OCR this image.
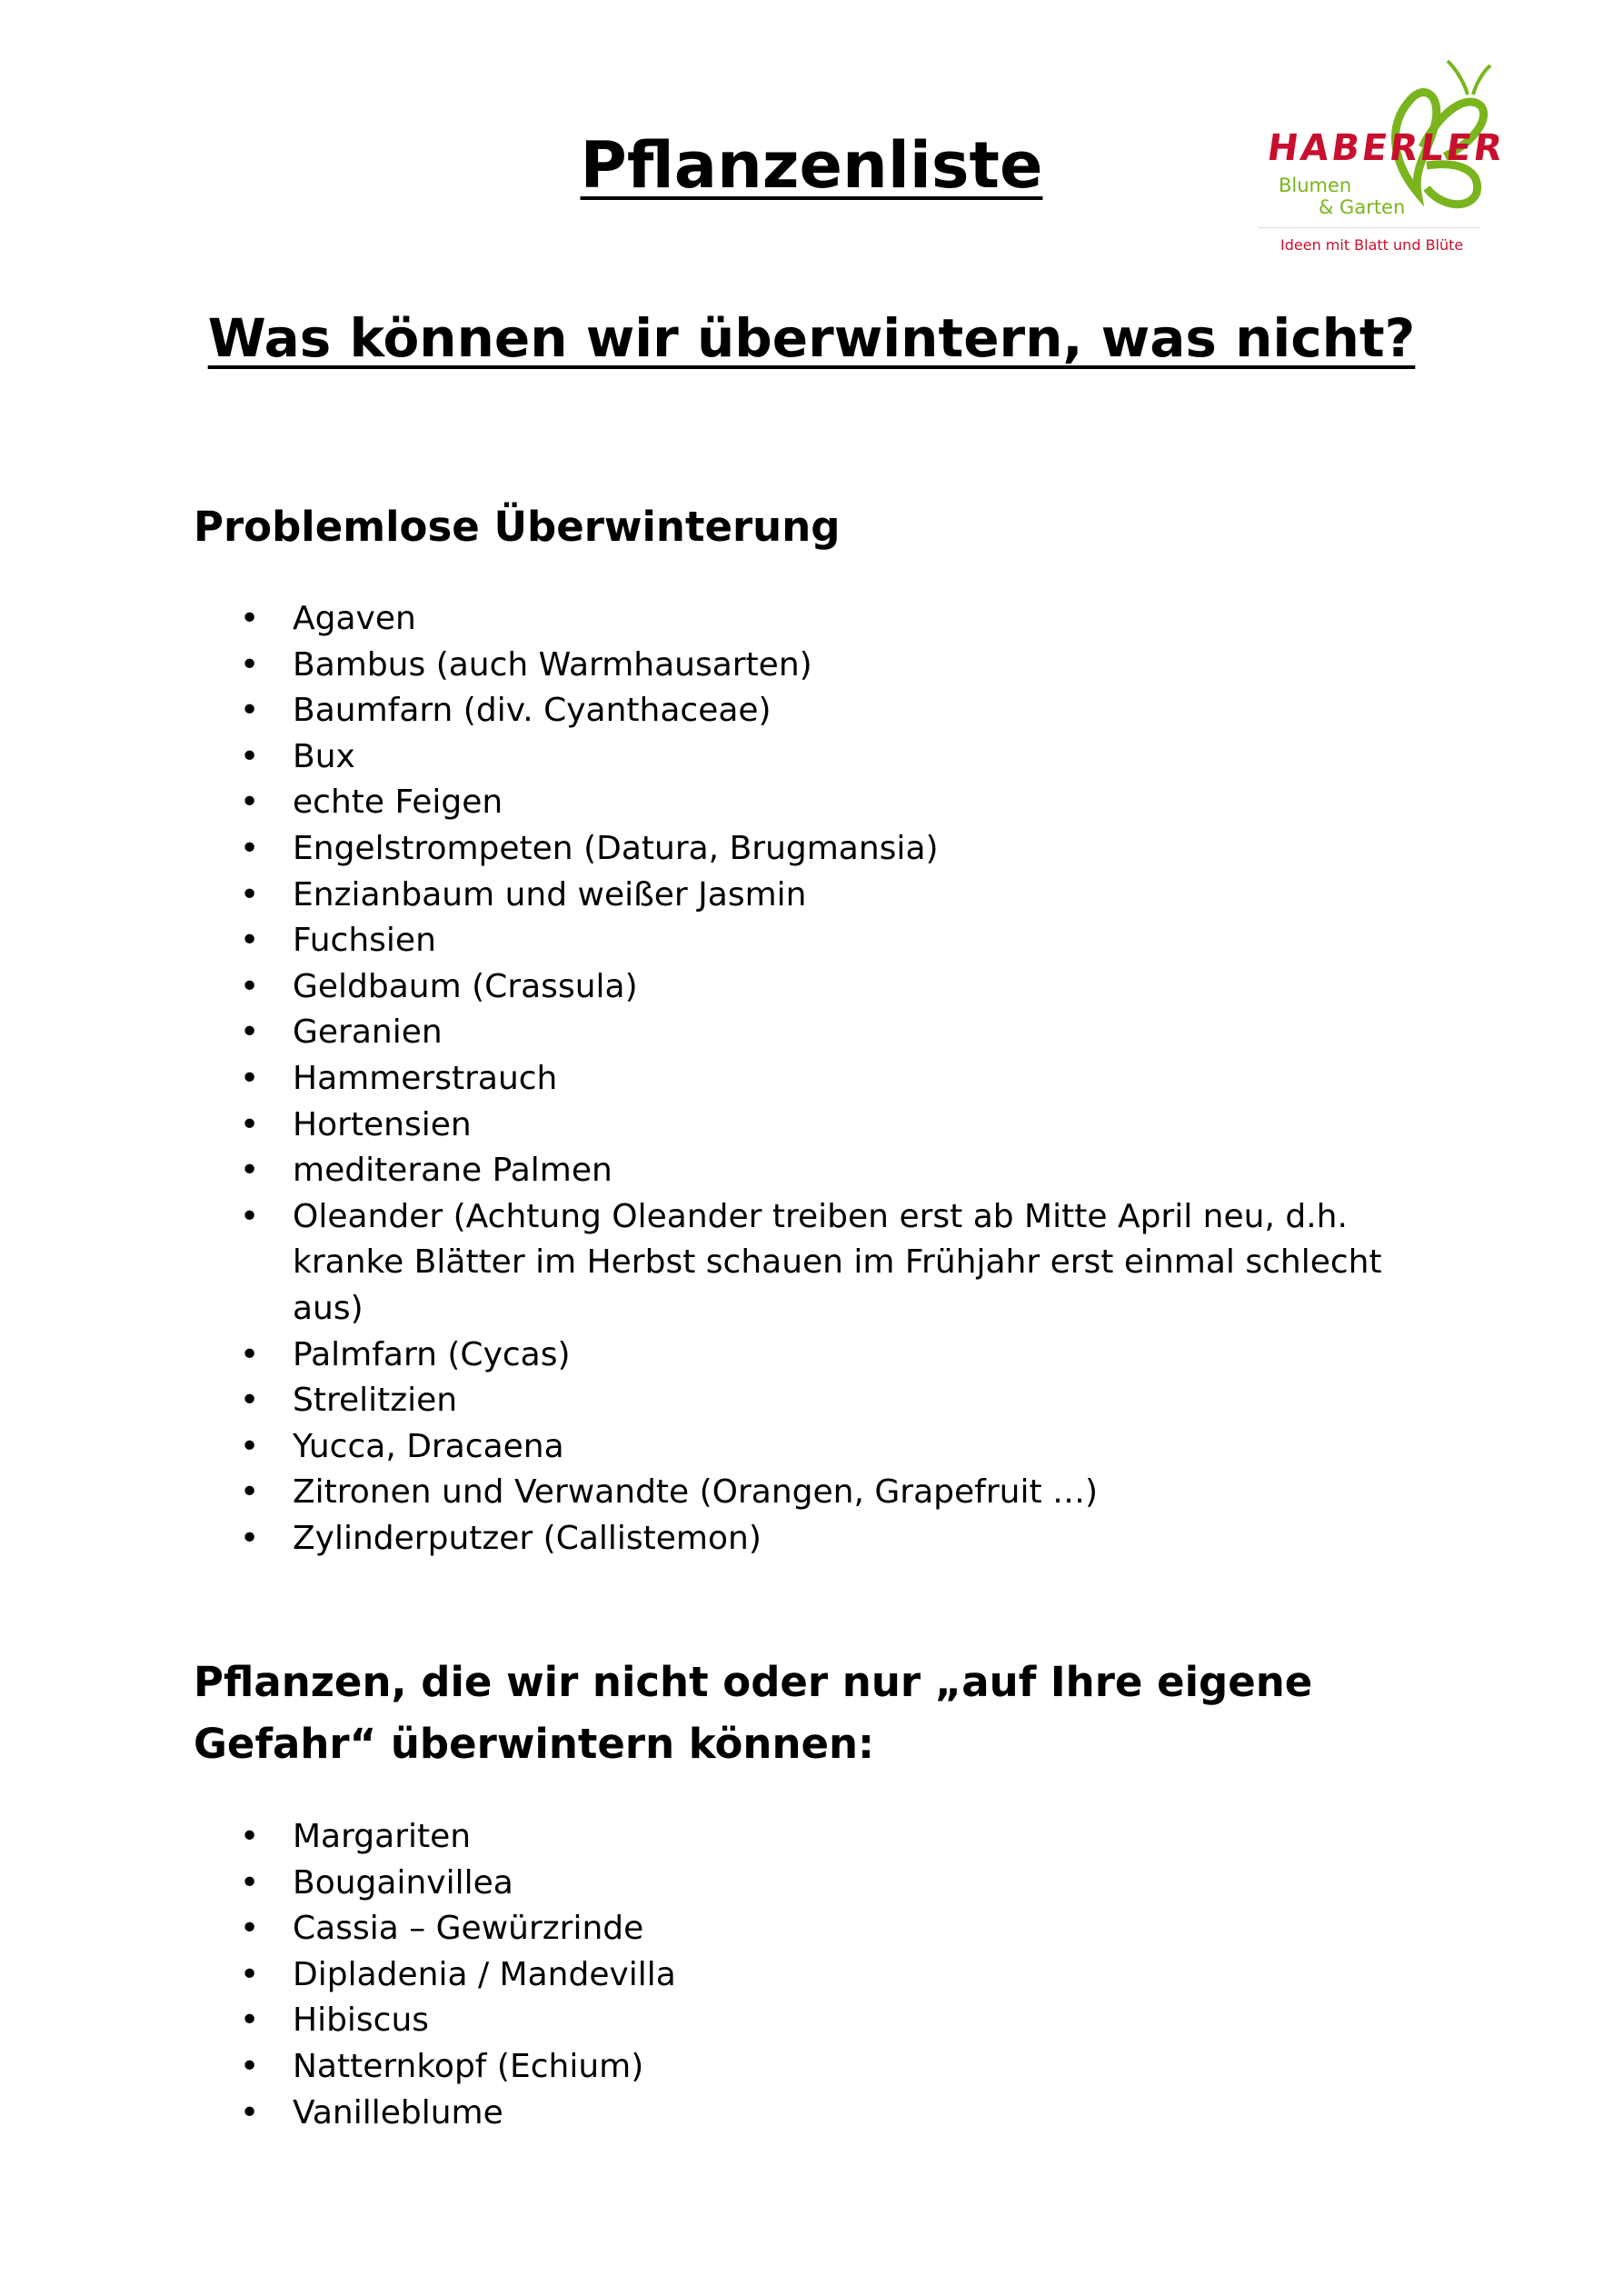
Pflanzenliste	HABERLER
Blumen
& Garten
Ideen mit Blatt und Blüte
Was können wir überwintern, was nicht?
Problemlose Überwinterung
• Agaven
• Bambus (auch Warmhausarten)
• Baumfarn (div. Cyanthaceae)
• Bux
• echte Feigen
• Engelstrompeten (Datura, Brugmansia)
• Enzianbaum und weißer Jasmin
• Fuchsien
• Geldbaum (Crassula)
• Geranien
• Hammerstrauch
• Hortensien
• mediterane Palmen
• Oleander (Achtung Oleander treiben erst ab Mitte April neu, d.h. kranke Blätter im Herbst schauen im Frühjahr erst einmal schlecht aus)
• Palmfarn (Cycas)
• Strelitzien
• Yucca, Dracaena
• Zitronen und Verwandte (Orangen, Grapefruit …)
• Zylinderputzer (Callistemon)
Pflanzen, die wir nicht oder nur „auf Ihre eigene Gefahr“ überwintern können:
• Margariten
• Bougainvillea
• Cassia – Gewürzrinde
• Dipladenia / Mandevilla
• Hibiscus
• Natternkopf (Echium)
• Vanilleblume
